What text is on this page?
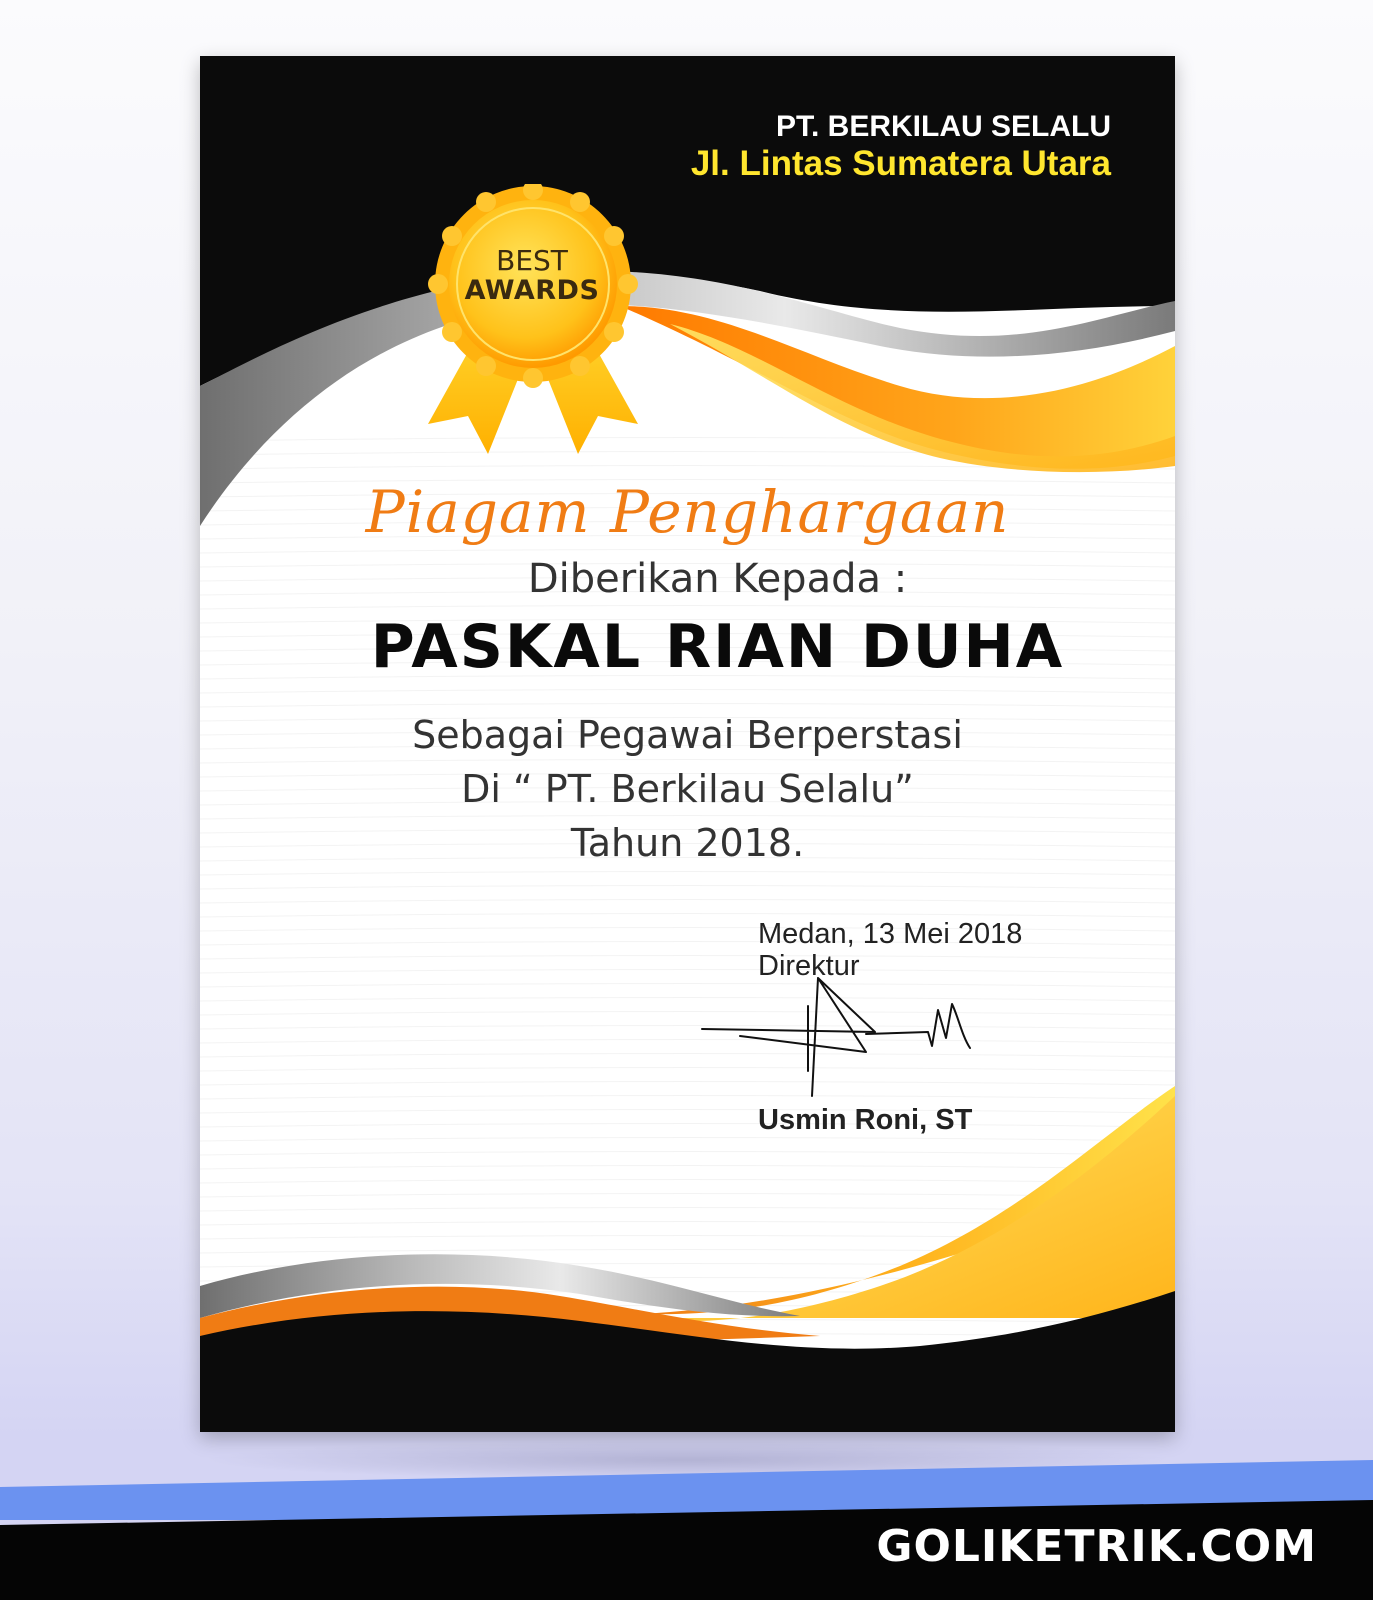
PT. BERKILAU SELALU
Jl. Lintas Sumatera Utara
BEST
AWARDS
Piagam Penghargaan
Diberikan Kepada :
PASKAL RIAN DUHA
Sebagai Pegawai Berperstasi
Di “ PT. Berkilau Selalu”
Tahun 2018.
Medan, 13 Mei 2018
Direktur
Usmin Roni, ST
GOLIKETRIK.COM
